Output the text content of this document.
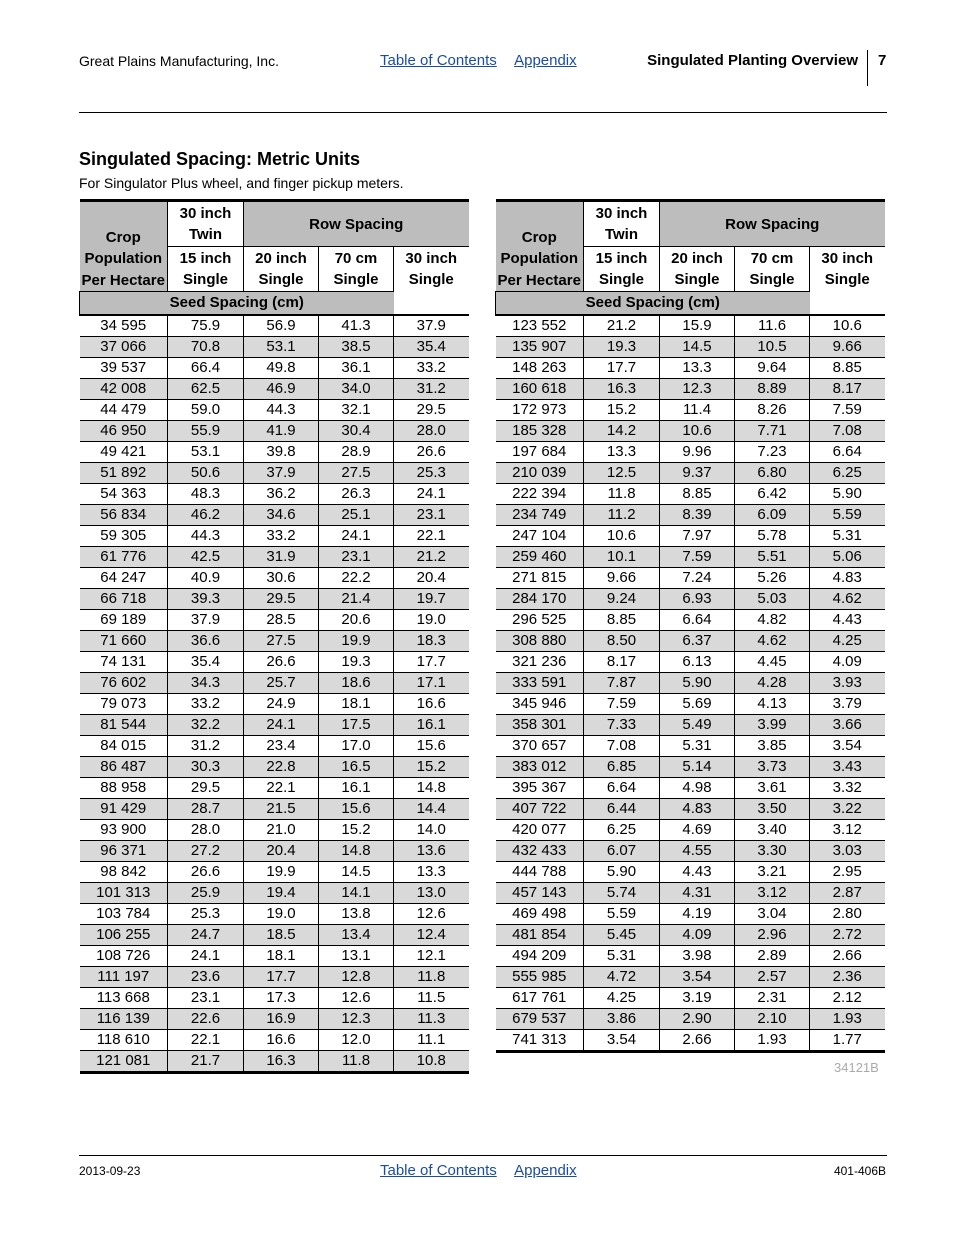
Great Plains Manufacturing, Inc.	Table of Contents Appendix	Singulated Planting Overview 7
Singulated Spacing: Metric Units
For Singulator Plus wheel, and finger pickup meters.
Crop
Population
Per Hectare	30 inch
Twin	Row Spacing		
	15 inch
Single	20 inch
Single	70 cm
Single	30 inch
Single
Seed Spacing (cm)				
34 595	75.9	56.9	41.3	37.9
37 066	70.8	53.1	38.5	35.4
39 537	66.4	49.8	36.1	33.2
42 008	62.5	46.9	34.0	31.2
44 479	59.0	44.3	32.1	29.5
46 950	55.9	41.9	30.4	28.0
49 421	53.1	39.8	28.9	26.6
51 892	50.6	37.9	27.5	25.3
54 363	48.3	36.2	26.3	24.1
56 834	46.2	34.6	25.1	23.1
59 305	44.3	33.2	24.1	22.1
61 776	42.5	31.9	23.1	21.2
64 247	40.9	30.6	22.2	20.4
66 718	39.3	29.5	21.4	19.7
69 189	37.9	28.5	20.6	19.0
71 660	36.6	27.5	19.9	18.3
74 131	35.4	26.6	19.3	17.7
76 602	34.3	25.7	18.6	17.1
79 073	33.2	24.9	18.1	16.6
81 544	32.2	24.1	17.5	16.1
84 015	31.2	23.4	17.0	15.6
86 487	30.3	22.8	16.5	15.2
88 958	29.5	22.1	16.1	14.8
91 429	28.7	21.5	15.6	14.4
93 900	28.0	21.0	15.2	14.0
96 371	27.2	20.4	14.8	13.6
98 842	26.6	19.9	14.5	13.3
101 313	25.9	19.4	14.1	13.0
103 784	25.3	19.0	13.8	12.6
106 255	24.7	18.5	13.4	12.4
108 726	24.1	18.1	13.1	12.1
111 197	23.6	17.7	12.8	11.8
113 668	23.1	17.3	12.6	11.5
116 139	22.6	16.9	12.3	11.3
118 610	22.1	16.6	12.0	11.1
121 081	21.7	16.3	11.8	10.8
Crop
Population
Per Hectare	30 inch
Twin	Row Spacing		
	15 inch
Single	20 inch
Single	70 cm
Single	30 inch
Single
Seed Spacing (cm)				
123 552	21.2	15.9	11.6	10.6
135 907	19.3	14.5	10.5	9.66
148 263	17.7	13.3	9.64	8.85
160 618	16.3	12.3	8.89	8.17
172 973	15.2	11.4	8.26	7.59
185 328	14.2	10.6	7.71	7.08
197 684	13.3	9.96	7.23	6.64
210 039	12.5	9.37	6.80	6.25
222 394	11.8	8.85	6.42	5.90
234 749	11.2	8.39	6.09	5.59
247 104	10.6	7.97	5.78	5.31
259 460	10.1	7.59	5.51	5.06
271 815	9.66	7.24	5.26	4.83
284 170	9.24	6.93	5.03	4.62
296 525	8.85	6.64	4.82	4.43
308 880	8.50	6.37	4.62	4.25
321 236	8.17	6.13	4.45	4.09
333 591	7.87	5.90	4.28	3.93
345 946	7.59	5.69	4.13	3.79
358 301	7.33	5.49	3.99	3.66
370 657	7.08	5.31	3.85	3.54
383 012	6.85	5.14	3.73	3.43
395 367	6.64	4.98	3.61	3.32
407 722	6.44	4.83	3.50	3.22
420 077	6.25	4.69	3.40	3.12
432 433	6.07	4.55	3.30	3.03
444 788	5.90	4.43	3.21	2.95
457 143	5.74	4.31	3.12	2.87
469 498	5.59	4.19	3.04	2.80
481 854	5.45	4.09	2.96	2.72
494 209	5.31	3.98	2.89	2.66
555 985	4.72	3.54	2.57	2.36
617 761	4.25	3.19	2.31	2.12
679 537	3.86	2.90	2.10	1.93
741 313	3.54	2.66	1.93	1.77
34121B
2013-09-23	Table of Contents Appendix	401-406B
